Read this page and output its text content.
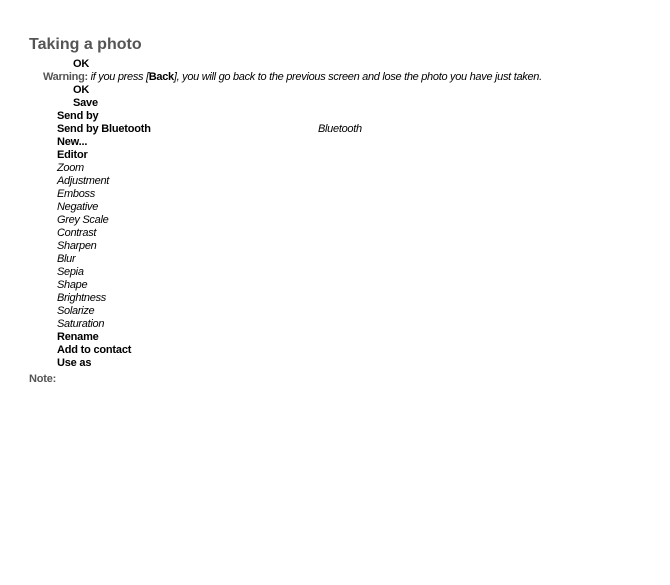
Taking a photo
OK
Warning: if you press [Back], you will go back to the previous screen and lose the photo you have just taken.
OK
Save
Send by
Send by Bluetooth	Bluetooth
New...
Editor
Zoom
Adjustment
Emboss
Negative
Grey Scale
Contrast
Sharpen
Blur
Sepia
Shape
Brightness
Solarize
Saturation
Rename
Add to contact
Use as
Note:
